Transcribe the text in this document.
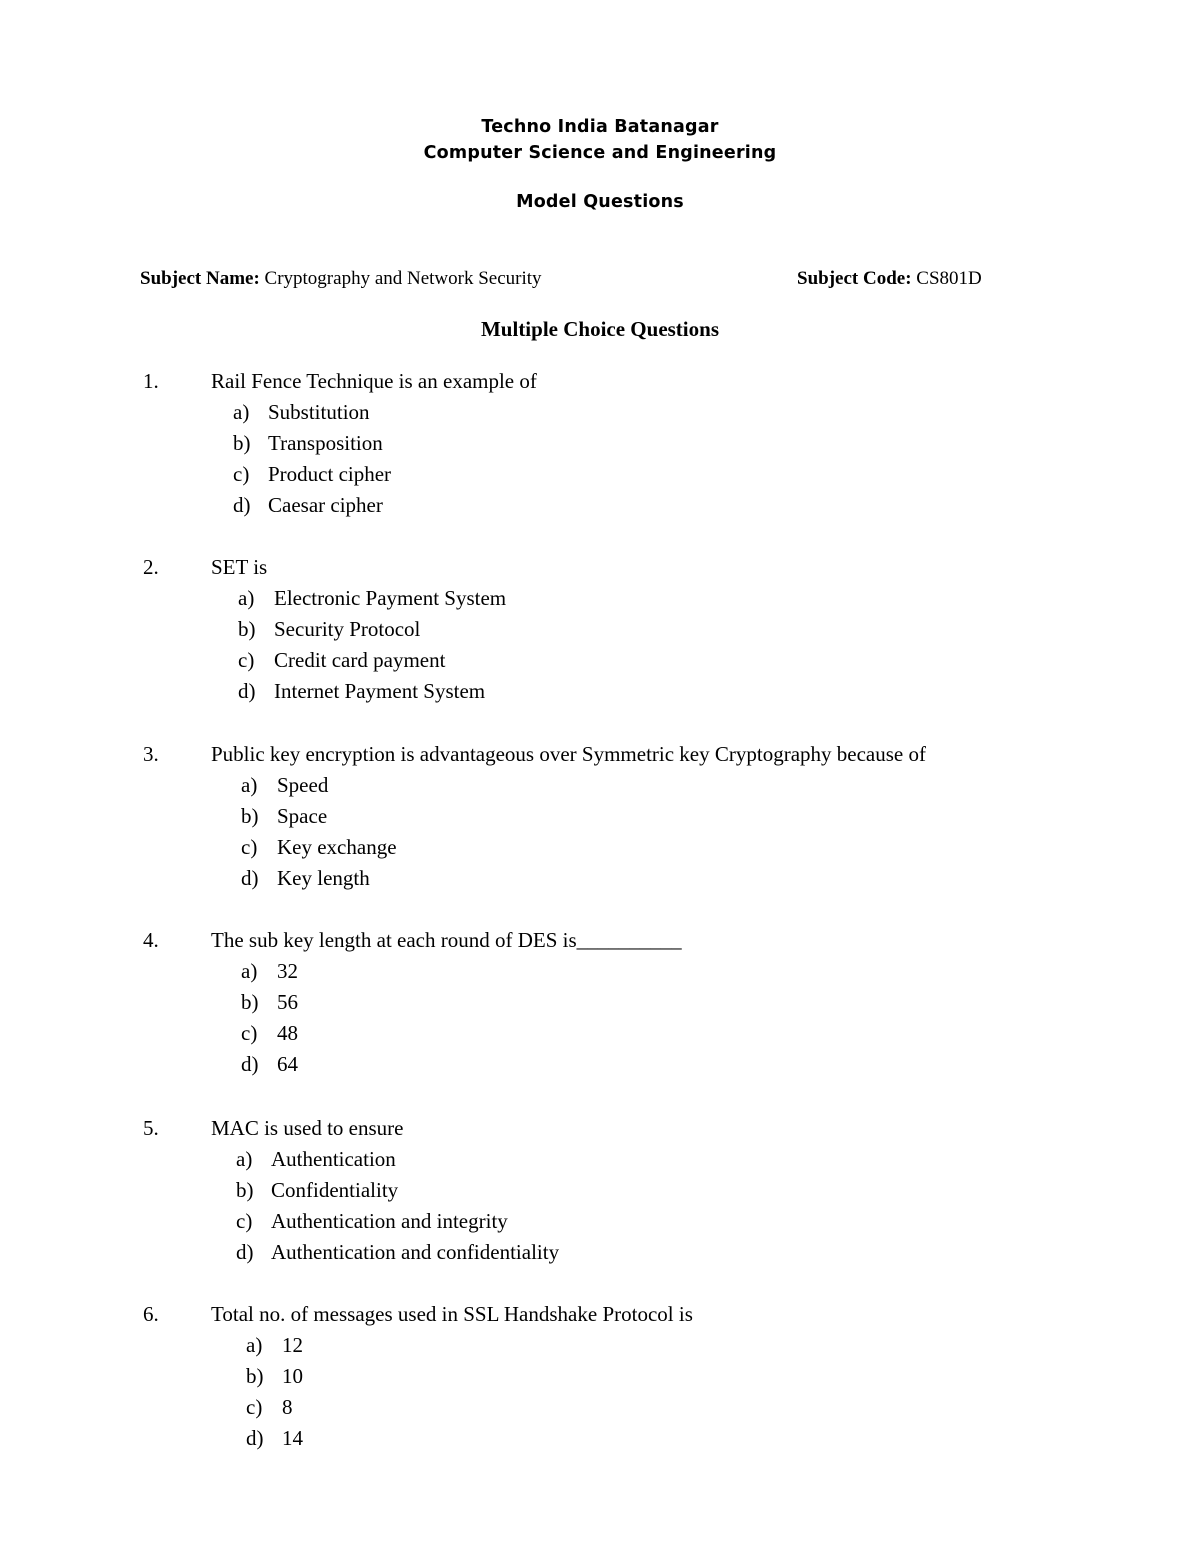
Techno India Batanagar
Computer Science and Engineering
Model Questions
Subject Name: Cryptography and Network Security	Subject Code: CS801D
Multiple Choice Questions
1. Rail Fence Technique is an example of
a) Substitution
b) Transposition
c) Product cipher
d) Caesar cipher
2. SET is
a) Electronic Payment System
b) Security Protocol
c) Credit card payment
d) Internet Payment System
3. Public key encryption is advantageous over Symmetric key Cryptography because of
a) Speed
b) Space
c) Key exchange
d) Key length
4. The sub key length at each round of DES is__________
a) 32
b) 56
c) 48
d) 64
5. MAC is used to ensure
a) Authentication
b) Confidentiality
c) Authentication and integrity
d) Authentication and confidentiality
6. Total no. of messages used in SSL Handshake Protocol is
a) 12
b) 10
c) 8
d) 14
